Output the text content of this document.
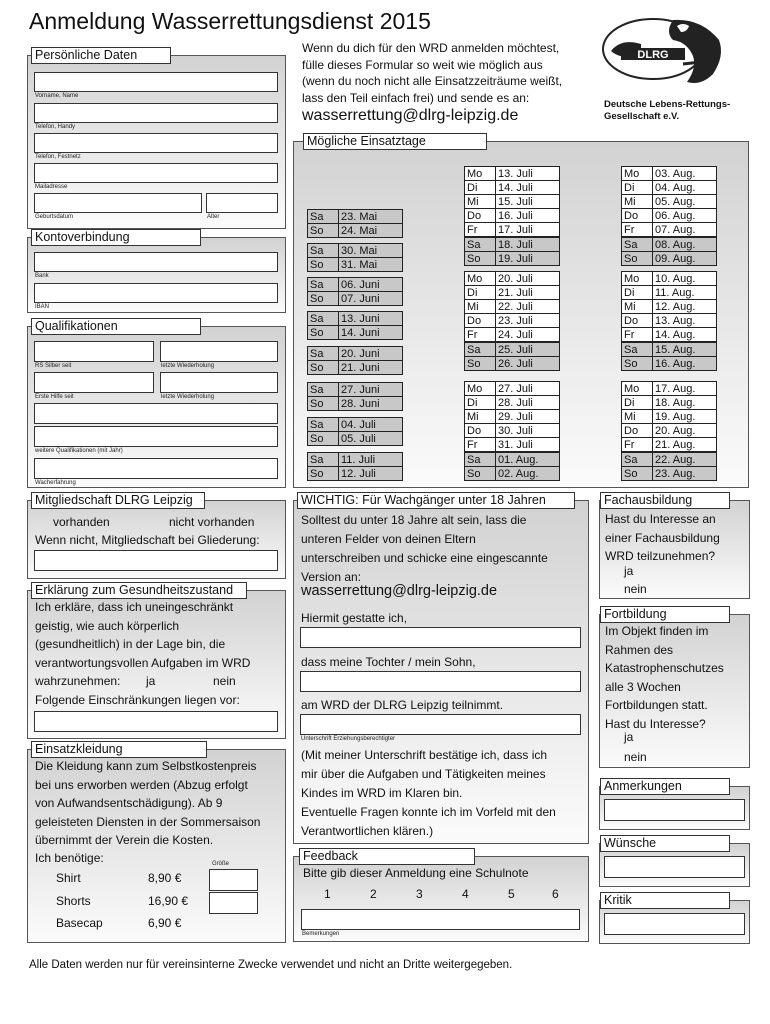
Anmeldung Wasserrettungsdienst 2015
Wenn du dich für den WRD anmelden möchtest,
fülle dieses Formular so weit wie möglich aus
(wenn du noch nicht alle Einsatzzeiträume weißt,
lass den Teil einfach frei) und sende es an:
wasserrettung@dlrg-leipzig.de
DLRG
Deutsche Lebens-Rettungs-
Gesellschaft e.V.
Persönliche Daten
Vorname, Name
Telefon, Handy
Telefon, Festnetz
Mailadresse
Geburtsdatum	Alter
Kontoverbindung
Bank
IBAN
Qualifikationen
RS Silber seit	letzte Wiederholung
Erste Hilfe seit	letzte Wiederholung
weitere Qualifikationen (mit Jahr)
Wacherfahrung
Mögliche Einsatztage
Sa	23. Mai
So	24. Mai
Sa	30. Mai
So	31. Mai
Sa	06. Juni
So	07. Juni
Sa	13. Juni
So	14. Juni
Sa	20. Juni
So	21. Juni
Sa	27. Juni
So	28. Juni
Sa	04. Juli
So	05. Juli
Sa	11. Juli
So	12. Juli
Mo	13. Juli
Di	14. Juli
Mi	15. Juli
Do	16. Juli
Fr	17. Juli
Sa	18. Juli
So	19. Juli
Mo	20. Juli
Di	21. Juli
Mi	22. Juli
Do	23. Juli
Fr	24. Juli
Sa	25. Juli
So	26. Juli
Mo	27. Juli
Di	28. Juli
Mi	29. Juli
Do	30. Juli
Fr	31. Juli
Sa	01. Aug.
So	02. Aug.
Mo	03. Aug.
Di	04. Aug.
Mi	05. Aug.
Do	06. Aug.
Fr	07. Aug.
Sa	08. Aug.
So	09. Aug.
Mo	10. Aug.
Di	11. Aug.
Mi	12. Aug.
Do	13. Aug.
Fr	14. Aug.
Sa	15. Aug.
So	16. Aug.
Mo	17. Aug.
Di	18. Aug.
Mi	19. Aug.
Do	20. Aug.
Fr	21. Aug.
Sa	22. Aug.
So	23. Aug.
Mitgliedschaft DLRG Leipzig
vorhanden	nicht vorhanden
Wenn nicht, Mitgliedschaft bei Gliederung:
Erklärung zum Gesundheitszustand
Ich erkläre, dass ich uneingeschränkt
geistig, wie auch körperlich
(gesundheitlich) in der Lage bin, die
verantwortungsvollen Aufgaben im WRD
wahrzunehmen:	ja	nein
Folgende Einschränkungen liegen vor:
Einsatzkleidung
Die Kleidung kann zum Selbstkostenpreis
bei uns erworben werden (Abzug erfolgt
von Aufwandsentschädigung). Ab 9
geleisteten Diensten in der Sommersaison
übernimmt der Verein die Kosten.
Ich benötige:	Größe
Shirt	8,90 €
Shorts	16,90 €
Basecap	6,90 €
WICHTIG: Für Wachgänger unter 18 Jahren
Solltest du unter 18 Jahre alt sein, lass die
unteren Felder von deinen Eltern
unterschreiben und schicke eine eingescannte
Version an:
wasserrettung@dlrg-leipzig.de
Hiermit gestatte ich,
dass meine Tochter / mein Sohn,
am WRD der DLRG Leipzig teilnimmt.
Unterschrift Erziehungsberechtigter
(Mit meiner Unterschrift bestätige ich, dass ich
mir über die Aufgaben und Tätigkeiten meines
Kindes im WRD im Klaren bin.
Eventuelle Fragen konnte ich im Vorfeld mit den
Verantwortlichen klären.)
Feedback
Bitte gib dieser Anmeldung eine Schulnote
1	2	3	4	5	6
Bemerkungen
Fachausbildung
Hast du Interesse an
einer Fachausbildung
WRD teilzunehmen?
ja
nein
Fortbildung
Im Objekt finden im
Rahmen des
Katastrophenschutzes
alle 3 Wochen
Fortbildungen statt.
Hast du Interesse?
ja
nein
Anmerkungen
Wünsche
Kritik
Alle Daten werden nur für vereinsinterne Zwecke verwendet und nicht an Dritte weitergegeben.
